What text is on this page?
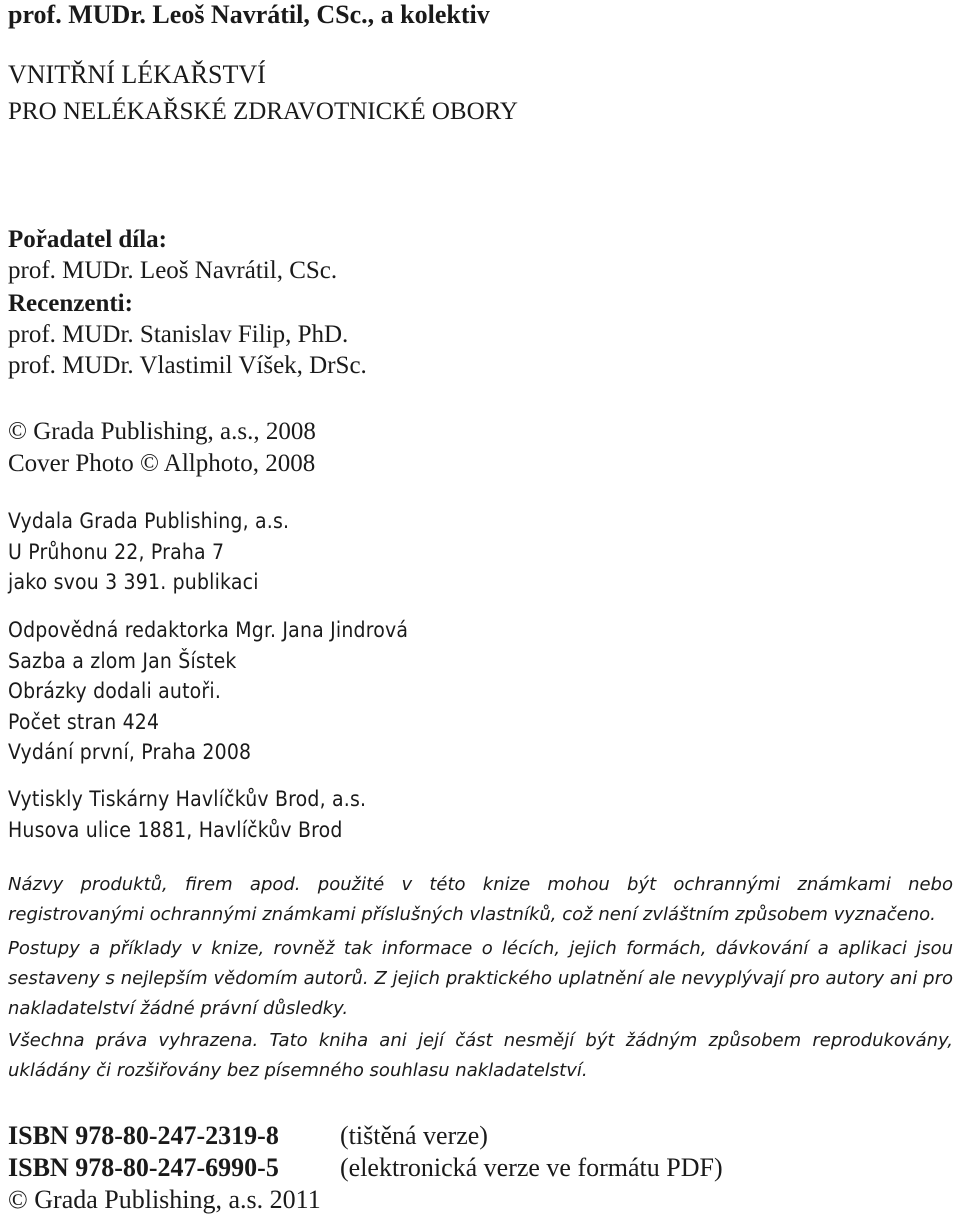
prof. MUDr. Leoš Navrátil, CSc., a kolektiv
VNITŘNÍ LÉKAŘSTVÍ
PRO NELÉKAŘSKÉ ZDRAVOTNICKÉ OBORY
Pořadatel díla:
prof. MUDr. Leoš Navrátil, CSc.
Recenzenti:
prof. MUDr. Stanislav Filip, PhD.
prof. MUDr. Vlastimil Víšek, DrSc.
© Grada Publishing, a.s., 2008
Cover Photo © Allphoto, 2008
Vydala Grada Publishing, a.s.
U Průhonu 22, Praha 7
jako svou 3 391. publikaci
Odpovědná redaktorka Mgr. Jana Jindrová
Sazba a zlom Jan Šístek
Obrázky dodali autoři.
Počet stran 424
Vydání první, Praha 2008
Vytiskly Tiskárny Havlíčkův Brod, a.s.
Husova ulice 1881, Havlíčkův Brod
Názvy produktů, firem apod. použité v této knize mohou být ochrannými známkami nebo registrovanými ochrannými známkami příslušných vlastníků, což není zvláštním způsobem vyznačeno.
Postupy a příklady v knize, rovněž tak informace o lécích, jejich formách, dávkování a aplikaci jsou sestaveny s nejlepším vědomím autorů. Z jejich praktického uplatnění ale nevyplývají pro autory ani pro nakladatelství žádné právní důsledky.
Všechna práva vyhrazena. Tato kniha ani její část nesmějí být žádným způsobem reprodukovány, ukládány či rozšiřovány bez písemného souhlasu nakladatelství.
ISBN 978-80-247-2319-8 (tištěná verze)
ISBN 978-80-247-6990-5 (elektronická verze ve formátu PDF)
© Grada Publishing, a.s. 2011
